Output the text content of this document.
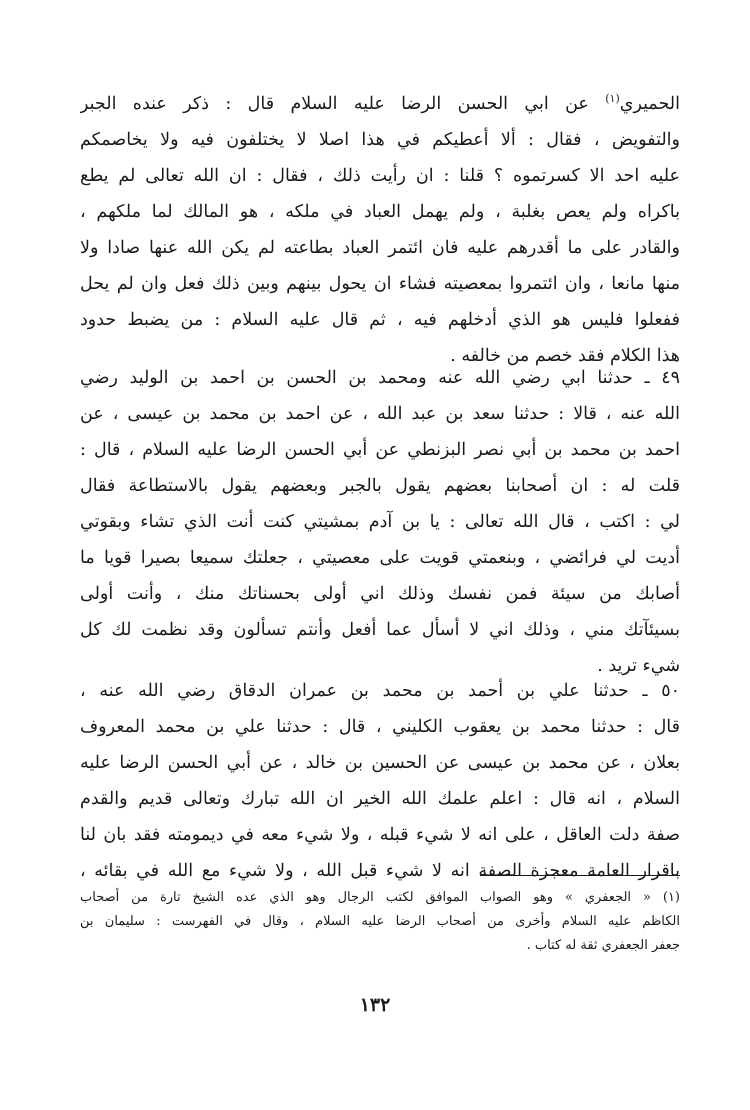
الحميري$^{(١)}$ عن ابي الحسن الرضا عليه السلام قال : ذكر عنده الجبر
والتفويض ، فقال : ألا أعطيكم في هذا اصلا لا يختلفون فيه ولا يخاصمكم
عليه احد الا كسرتموه ؟ قلنا : ان رأيت ذلك ، فقال : ان الله تعالى لم يطع
باكراه ولم يعص بغلبة ، ولم يهمل العباد في ملكه ، هو المالك لما ملكهم ،
والقادر على ما أقدرهم عليه فان ائتمر العباد بطاعته لم يكن الله عنها صادا ولا
منها مانعا ، وان ائتمروا بمعصيته فشاء ان يحول بينهم وبين ذلك فعل وان لم يحل
ففعلوا فليس هو الذي أدخلهم فيه ، ثم قال عليه السلام : من يضبط حدود
هذا الكلام فقد خصم من خالفه .
٤٩ ـ حدثنا ابي رضي الله عنه ومحمد بن الحسن بن احمد بن الوليد رضي
الله عنه ، قالا : حدثنا سعد بن عبد الله ، عن احمد بن محمد بن عيسى ، عن
احمد بن محمد بن أبي نصر البزنطي عن أبي الحسن الرضا عليه السلام ، قال :
قلت له : ان أصحابنا بعضهم يقول بالجبر وبعضهم يقول بالاستطاعة فقال
لي : اكتب ، قال الله تعالى : يا بن آدم بمشيتي كنت أنت الذي تشاء وبقوتي
أديت لي فرائضي ، وبنعمتي قويت على معصيتي ، جعلتك سميعا بصيرا قويا ما
أصابك من سيئة فمن نفسك وذلك اني أولى بحسناتك منك ، وأنت أولى
بسيئآتك مني ، وذلك اني لا أسأل عما أفعل وأنتم تسألون وقد نظمت لك كل
شيء تريد .
٥٠ ـ حدثنا علي بن أحمد بن محمد بن عمران الدقاق رضي الله عنه ،
قال : حدثنا محمد بن يعقوب الكليني ، قال : حدثنا علي بن محمد المعروف
بعلان ، عن محمد بن عيسى عن الحسين بن خالد ، عن أبي الحسن الرضا عليه
السلام ، انه قال : اعلم علمك الله الخير ان الله تبارك وتعالى قديم والقدم
صفة دلت العاقل ، على انه لا شيء قبله ، ولا شيء معه في ديمومته فقد بان لنا
باقرار العامة معجزة الصفة انه لا شيء قبل الله ، ولا شيء مع الله في بقائه ،
(١) « الجعفري » وهو الصواب الموافق لكتب الرجال وهو الذي عده الشيخ تارة من أصحاب
الكاظم عليه السلام وأخرى من أصحاب الرضا عليه السلام ، وقال في الفهرست : سليمان بن
جعفر الجعفري ثقة له كتاب .
١٣٢
